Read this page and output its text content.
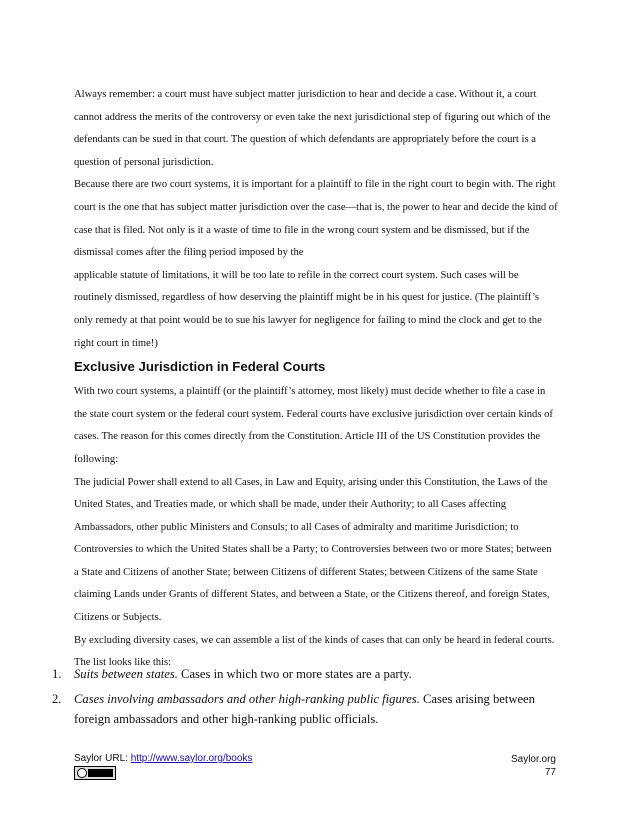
Always remember: a court must have subject matter jurisdiction to hear and decide a case. Without it, a court cannot address the merits of the controversy or even take the next jurisdictional step of figuring out which of the defendants can be sued in that court. The question of which defendants are appropriately before the court is a question of personal jurisdiction.

Because there are two court systems, it is important for a plaintiff to file in the right court to begin with. The right court is the one that has subject matter jurisdiction over the case—that is, the power to hear and decide the kind of case that is filed. Not only is it a waste of time to file in the wrong court system and be dismissed, but if the dismissal comes after the filing period imposed by the

applicable statute of limitations, it will be too late to refile in the correct court system. Such cases will be routinely dismissed, regardless of how deserving the plaintiff might be in his quest for justice. (The plaintiff’s only remedy at that point would be to sue his lawyer for negligence for failing to mind the clock and get to the right court in time!)

Exclusive Jurisdiction in Federal Courts

With two court systems, a plaintiff (or the plaintiff’s attorney, most likely) must decide whether to file a case in the state court system or the federal court system. Federal courts have exclusive jurisdiction over certain kinds of cases. The reason for this comes directly from the Constitution. Article III of the US Constitution provides the following:

The judicial Power shall extend to all Cases, in Law and Equity, arising under this Constitution, the Laws of the United States, and Treaties made, or which shall be made, under their Authority; to all Cases affecting Ambassadors, other public Ministers and Consuls; to all Cases of admiralty and maritime Jurisdiction; to Controversies to which the United States shall be a Party; to Controversies between two or more States; between a State and Citizens of another State; between Citizens of different States; between Citizens of the same State claiming Lands under Grants of different States, and between a State, or the Citizens thereof, and foreign States, Citizens or Subjects.

By excluding diversity cases, we can assemble a list of the kinds of cases that can only be heard in federal courts. The list looks like this:

1. Suits between states. Cases in which two or more states are a party.
2. Cases involving ambassadors and other high-ranking public figures. Cases arising between foreign ambassadors and other high-ranking public officials.
Saylor URL: http://www.saylor.org/books	Saylor.org
77
